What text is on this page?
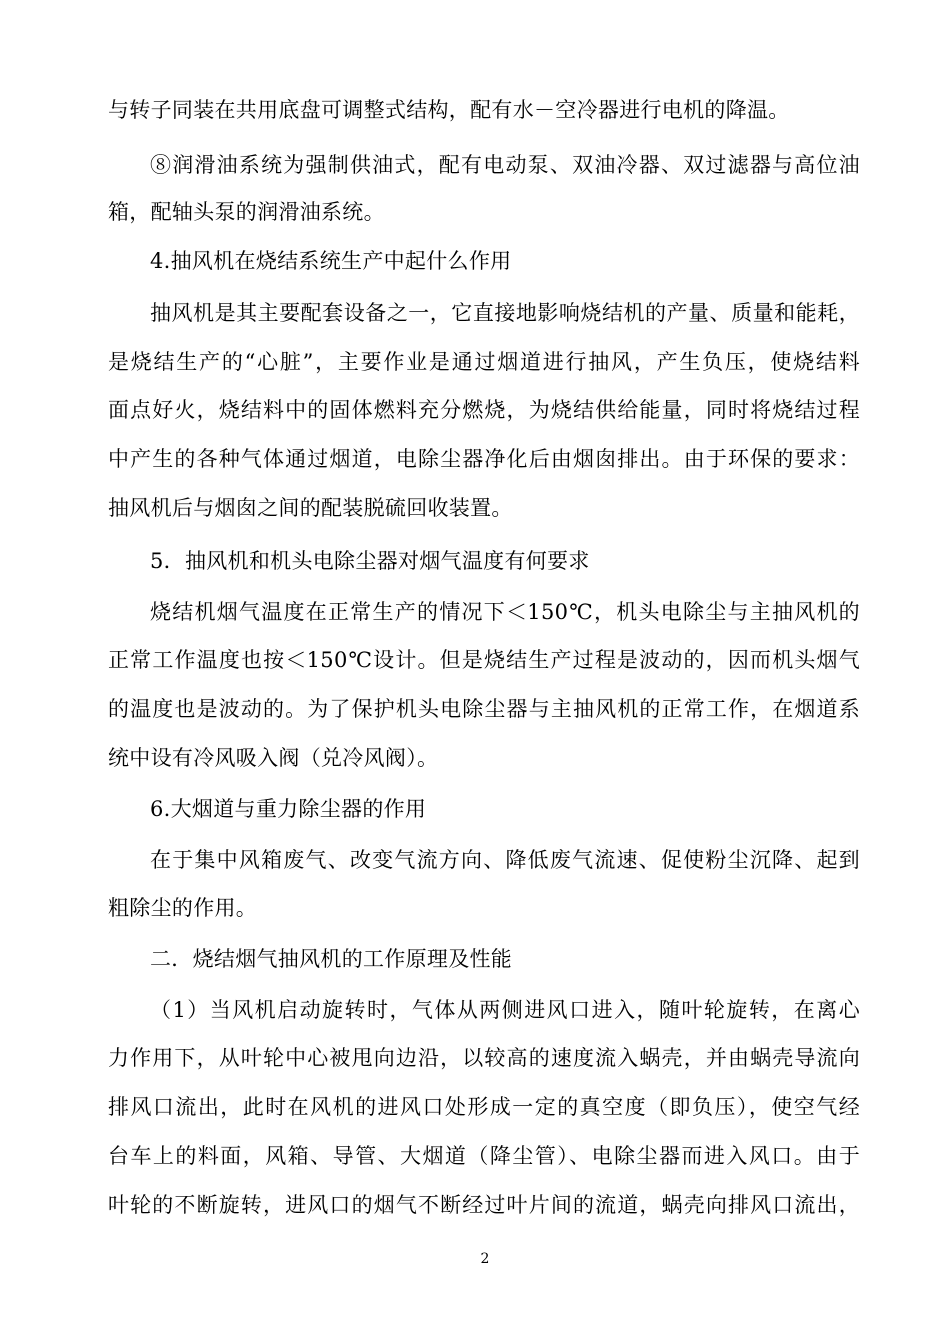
与转子同装在共用底盘可调整式结构，配有水－空冷器进行电机的降温。
⑧润滑油系统为强制供油式，配有电动泵、双油冷器、双过滤器与高位油
箱，配轴头泵的润滑油系统。
4.抽风机在烧结系统生产中起什么作用
抽风机是其主要配套设备之一，它直接地影响烧结机的产量、质量和能耗，
是烧结生产的“心脏”，主要作业是通过烟道进行抽风，产生负压，使烧结料
面点好火，烧结料中的固体燃料充分燃烧，为烧结供给能量，同时将烧结过程
中产生的各种气体通过烟道，电除尘器净化后由烟囱排出。由于环保的要求：
抽风机后与烟囱之间的配装脱硫回收装置。
5．抽风机和机头电除尘器对烟气温度有何要求
烧结机烟气温度在正常生产的情况下＜150℃，机头电除尘与主抽风机的
正常工作温度也按＜150℃设计。但是烧结生产过程是波动的，因而机头烟气
的温度也是波动的。为了保护机头电除尘器与主抽风机的正常工作，在烟道系
统中设有冷风吸入阀（兑冷风阀）。
6.大烟道与重力除尘器的作用
在于集中风箱废气、改变气流方向、降低废气流速、促使粉尘沉降、起到
粗除尘的作用。
二．烧结烟气抽风机的工作原理及性能
（1）当风机启动旋转时，气体从两侧进风口进入，随叶轮旋转，在离心
力作用下，从叶轮中心被甩向边沿，以较高的速度流入蜗壳，并由蜗壳导流向
排风口流出，此时在风机的进风口处形成一定的真空度（即负压），使空气经
台车上的料面，风箱、导管、大烟道（降尘管）、电除尘器而进入风口。由于
叶轮的不断旋转，进风口的烟气不断经过叶片间的流道，蜗壳向排风口流出，
2
